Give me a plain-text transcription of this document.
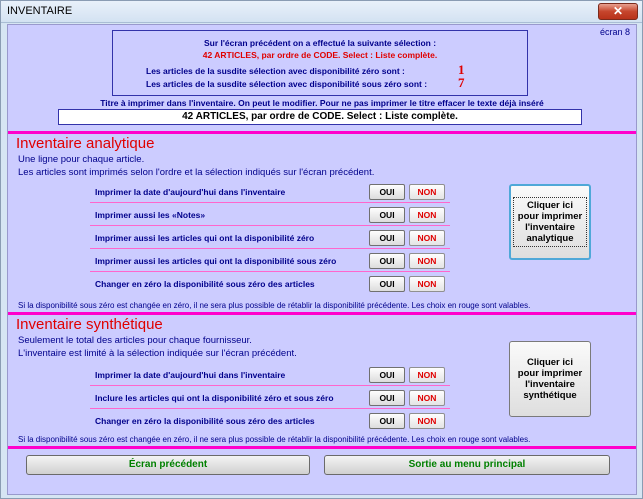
INVENTAIRE	✕
écran 8
Sur l'écran précédent on a effectué la suivante sélection :
42 ARTICLES, par ordre de CODE. Select : Liste complète.
Les articles de la susdite sélection avec disponibilité zéro sont :	1
Les articles de la susdite sélection avec disponibilité sous zéro sont : 7
Titre à imprimer dans l'inventaire. On peut le modifier. Pour ne pas imprimer le titre effacer le texte déjà inséré
42 ARTICLES, par ordre de CODE. Select : Liste complète.
Inventaire analytique
Une ligne pour chaque article.
Les articles sont imprimés selon l'ordre et la sélection indiqués sur l'écran précédent.
Imprimer la date d'aujourd'hui dans l'inventaire	OUI	NON
Imprimer aussi les «Notes»	OUI	NON
Imprimer aussi les articles qui ont la disponibilité zéro	OUI	NON
Imprimer aussi les articles qui ont la disponibilité sous zéro	OUI	NON
Changer en zéro la disponibilité sous zéro des articles	OUI	NON
Cliquer ici
pour imprimer
l'inventaire
analytique
Si la disponibilité sous zéro est changée en zéro, il ne sera plus possible de rétablir la disponibilité précédente. Les choix en rouge sont valables.
Inventaire synthétique
Seulement le total des articles pour chaque fournisseur.
L'inventaire est limité à la sélection indiquée sur l'écran précédent.
Imprimer la date d'aujourd'hui dans l'inventaire	OUI	NON
Inclure les articles qui ont la disponibilité zéro et sous zéro	OUI	NON
Changer en zéro la disponibilité sous zéro des articles	OUI	NON
Cliquer ici
pour imprimer
l'inventaire
synthétique
Si la disponibilité sous zéro est changée en zéro, il ne sera plus possible de rétablir la disponibilité précédente. Les choix en rouge sont valables.
Écran précédent	Sortie au menu principal
